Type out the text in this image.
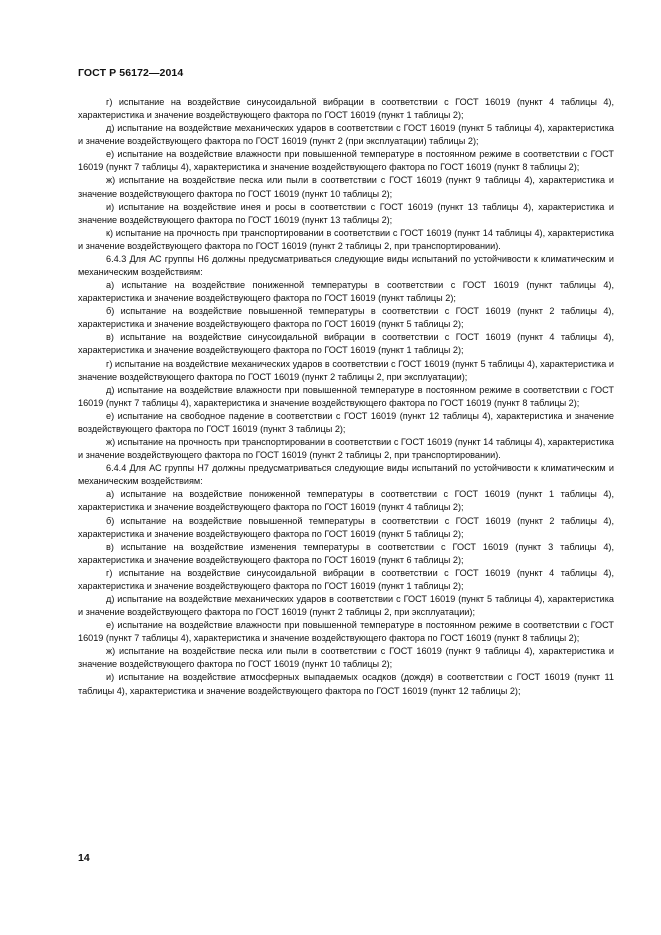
ГОСТ Р 56172—2014

г) испытание на воздействие синусоидальной вибрации в соответствии с ГОСТ 16019 (пункт 4 таблицы 4), характеристика и значение воздействующего фактора по ГОСТ 16019 (пункт 1 таблицы 2);

д) испытание на воздействие механических ударов в соответствии с ГОСТ 16019 (пункт 5 таблицы 4), характеристика и значение воздействующего фактора по ГОСТ 16019 (пункт 2 (при эксплуатации) таблицы 2);

е) испытание на воздействие влажности при повышенной температуре в постоянном режиме в соответствии с ГОСТ 16019 (пункт 7 таблицы 4), характеристика и значение воздействующего фактора по ГОСТ 16019 (пункт 8 таблицы 2);

ж) испытание на воздействие песка или пыли в соответствии с ГОСТ 16019 (пункт 9 таблицы 4), характеристика и значение воздействующего фактора по ГОСТ 16019 (пункт 10 таблицы 2);

и) испытание на воздействие инея и росы в соответствии с ГОСТ 16019 (пункт 13 таблицы 4), характеристика и значение воздействующего фактора по ГОСТ 16019 (пункт 13 таблицы 2);

к) испытание на прочность при транспортировании в соответствии с ГОСТ 16019 (пункт 14 таблицы 4), характеристика и значение воздействующего фактора по ГОСТ 16019 (пункт 2 таблицы 2, при транспортировании).

6.4.3 Для АС группы Н6 должны предусматриваться следующие виды испытаний по устойчивости к климатическим и механическим воздействиям:

а) испытание на воздействие пониженной температуры в соответствии с ГОСТ 16019 (пункт таблицы 4), характеристика и значение воздействующего фактора по ГОСТ 16019 (пункт таблицы 2);

б) испытание на воздействие повышенной температуры в соответствии с ГОСТ 16019 (пункт 2 таблицы 4), характеристика и значение воздействующего фактора по ГОСТ 16019 (пункт 5 таблицы 2);

в) испытание на воздействие синусоидальной вибрации в соответствии с ГОСТ 16019 (пункт 4 таблицы 4), характеристика и значение воздействующего фактора по ГОСТ 16019 (пункт 1 таблицы 2);

г) испытание на воздействие механических ударов в соответствии с ГОСТ 16019 (пункт 5 таблицы 4), характеристика и значение воздействующего фактора по ГОСТ 16019 (пункт 2 таблицы 2, при эксплуатации);

д) испытание на воздействие влажности при повышенной температуре в постоянном режиме в соответствии с ГОСТ 16019 (пункт 7 таблицы 4), характеристика и значение воздействующего фактора по ГОСТ 16019 (пункт 8 таблицы 2);

е) испытание на свободное падение в соответствии с ГОСТ 16019 (пункт 12 таблицы 4), характеристика и значение воздействующего фактора по ГОСТ 16019 (пункт 3 таблицы 2);

ж) испытание на прочность при транспортировании в соответствии с ГОСТ 16019 (пункт 14 таблицы 4), характеристика и значение воздействующего фактора по ГОСТ 16019 (пункт 2 таблицы 2, при транспортировании).

6.4.4 Для АС группы Н7 должны предусматриваться следующие виды испытаний по устойчивости к климатическим и механическим воздействиям:

а) испытание на воздействие пониженной температуры в соответствии с ГОСТ 16019 (пункт 1 таблицы 4), характеристика и значение воздействующего фактора по ГОСТ 16019 (пункт 4 таблицы 2);

б) испытание на воздействие повышенной температуры в соответствии с ГОСТ 16019 (пункт 2 таблицы 4), характеристика и значение воздействующего фактора по ГОСТ 16019 (пункт 5 таблицы 2);

в) испытание на воздействие изменения температуры в соответствии с ГОСТ 16019 (пункт 3 таблицы 4), характеристика и значение воздействующего фактора по ГОСТ 16019 (пункт 6 таблицы 2);

г) испытание на воздействие синусоидальной вибрации в соответствии с ГОСТ 16019 (пункт 4 таблицы 4), характеристика и значение воздействующего фактора по ГОСТ 16019 (пункт 1 таблицы 2);

д) испытание на воздействие механических ударов в соответствии с ГОСТ 16019 (пункт 5 таблицы 4), характеристика и значение воздействующего фактора по ГОСТ 16019 (пункт 2 таблицы 2, при эксплуатации);

е) испытание на воздействие влажности при повышенной температуре в постоянном режиме в соответствии с ГОСТ 16019 (пункт 7 таблицы 4), характеристика и значение воздействующего фактора по ГОСТ 16019 (пункт 8 таблицы 2);

ж) испытание на воздействие песка или пыли в соответствии с ГОСТ 16019 (пункт 9 таблицы 4), характеристика и значение воздействующего фактора по ГОСТ 16019 (пункт 10 таблицы 2);

и) испытание на воздействие атмосферных выпадаемых осадков (дождя) в соответствии с ГОСТ 16019 (пункт 11 таблицы 4), характеристика и значение воздействующего фактора по ГОСТ 16019 (пункт 12 таблицы 2);

14
